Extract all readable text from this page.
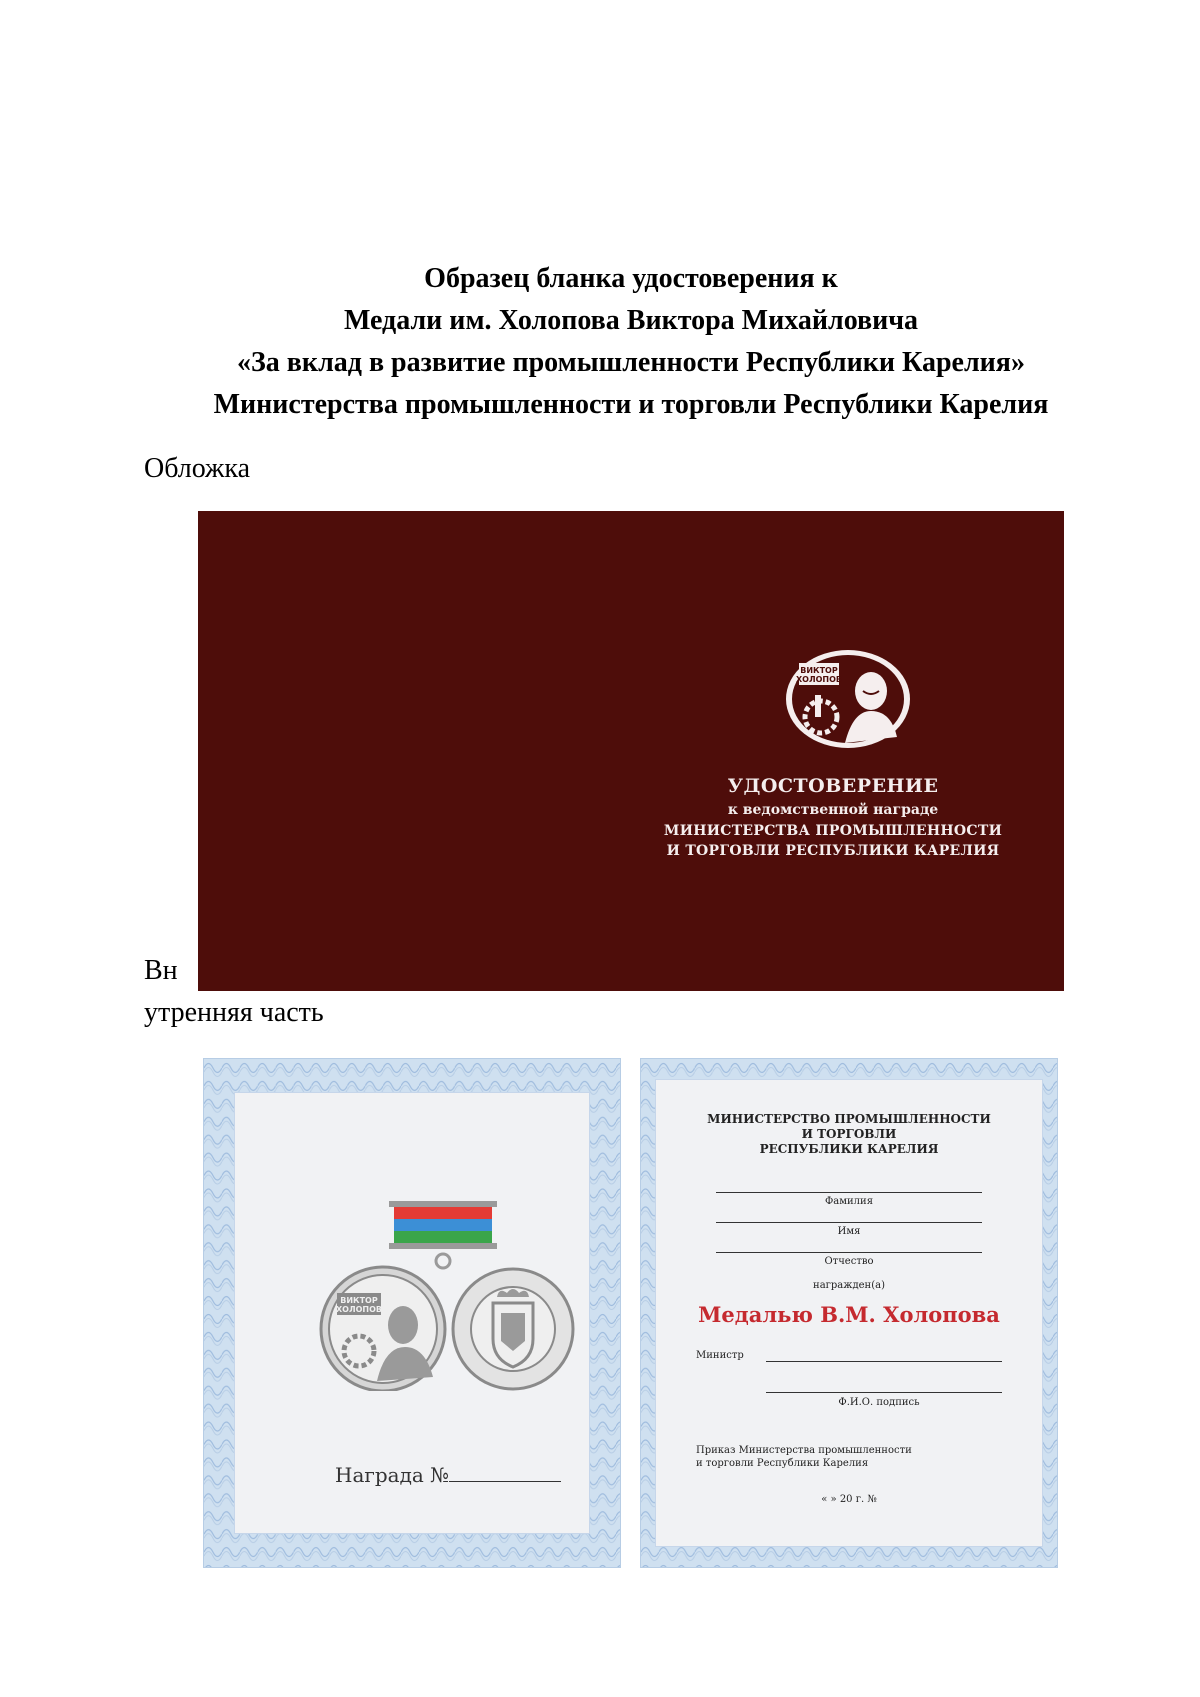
Образец бланка удостоверения к
Медали им. Холопова Виктора Михайловича
«За вклад в развитие промышленности Республики Карелия»
Министерства промышленности и торговли Республики Карелия
Обложка
ВИКТОР
ХОЛОПОВ
УДОСТОВЕРЕНИЕ
к ведомственной награде
МИНИСТЕРСТВА ПРОМЫШЛЕННОСТИ
И ТОРГОВЛИ РЕСПУБЛИКИ КАРЕЛИЯ
Вн
утренняя часть
ВИКТОР
ХОЛОПОВ
Награда №
МИНИСТЕРСТВО ПРОМЫШЛЕННОСТИ
И ТОРГОВЛИ
РЕСПУБЛИКИ КАРЕЛИЯ
Фамилия
Имя
Отчество
награжден(а)
Медалью В.М. Холопова
Министр
Ф.И.О. подпись
Приказ Министерства промышленности
и торговли Республики Карелия
« » 20 г. №
